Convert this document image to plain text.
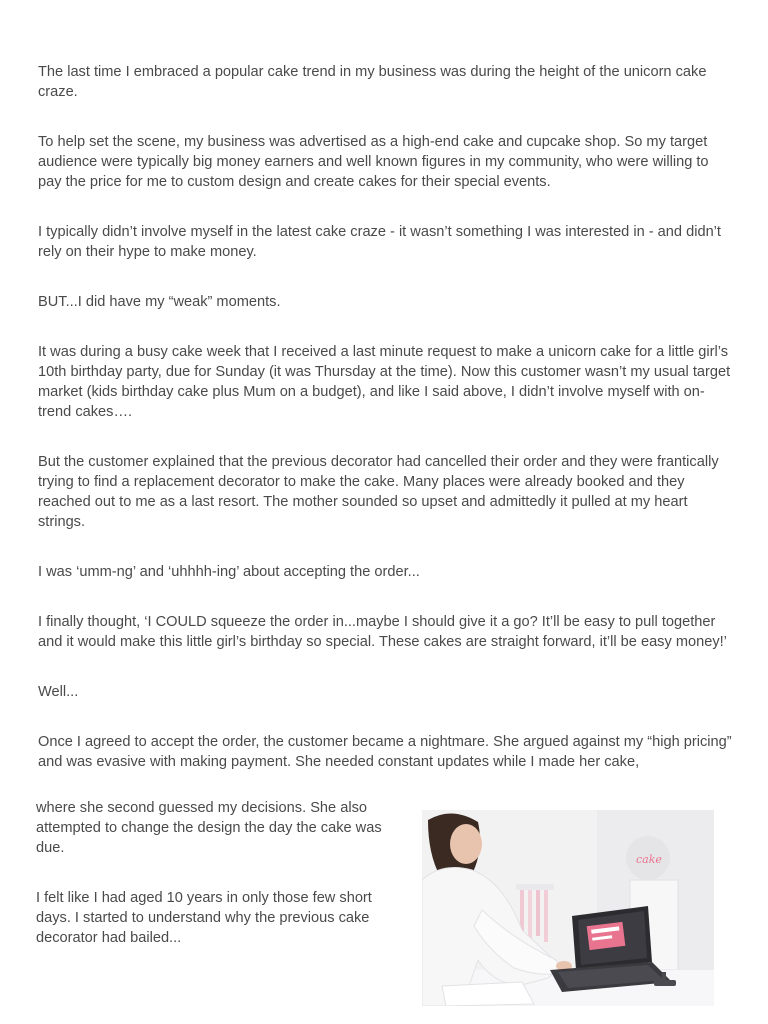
The last time I embraced a popular cake trend in my business was during the height of the unicorn cake craze.

To help set the scene, my business was advertised as a high-end cake and cupcake shop. So my target audience were typically big money earners and well known figures in my community, who were willing to pay the price for me to custom design and create cakes for their special events.

I typically didn’t involve myself in the latest cake craze - it wasn’t something I was interested in - and didn’t rely on their hype to make money.

BUT...I did have my “weak” moments.

It was during a busy cake week that I received a last minute request to make a unicorn cake for a little girl’s 10th birthday party, due for Sunday (it was Thursday at the time). Now this customer wasn’t my usual target market (kids birthday cake plus Mum on a budget), and like I said above, I didn’t involve myself with on-trend cakes….

But the customer explained that the previous decorator had cancelled their order and they were frantically trying to find a replacement decorator to make the cake. Many places were already booked and they reached out to me as a last resort. The mother sounded so upset and admittedly it pulled at my heart strings.

I was ‘umm-ng’ and ‘uhhhh-ing’ about accepting the order...

I finally thought, ‘I COULD squeeze the order in...maybe I should give it a go? It’ll be easy to pull together and it would make this little girl’s birthday so special. These cakes are straight forward, it’ll be easy money!’

Well...

Once I agreed to accept the order, the customer became a nightmare. She argued against my “high pricing” and was evasive with making payment. She needed constant updates while I made her cake,

where she second guessed my decisions. She also attempted to change the design the day the cake was due.

I felt like I had aged 10 years in only those few short days. I started to understand why the previous cake decorator had bailed...

cake
